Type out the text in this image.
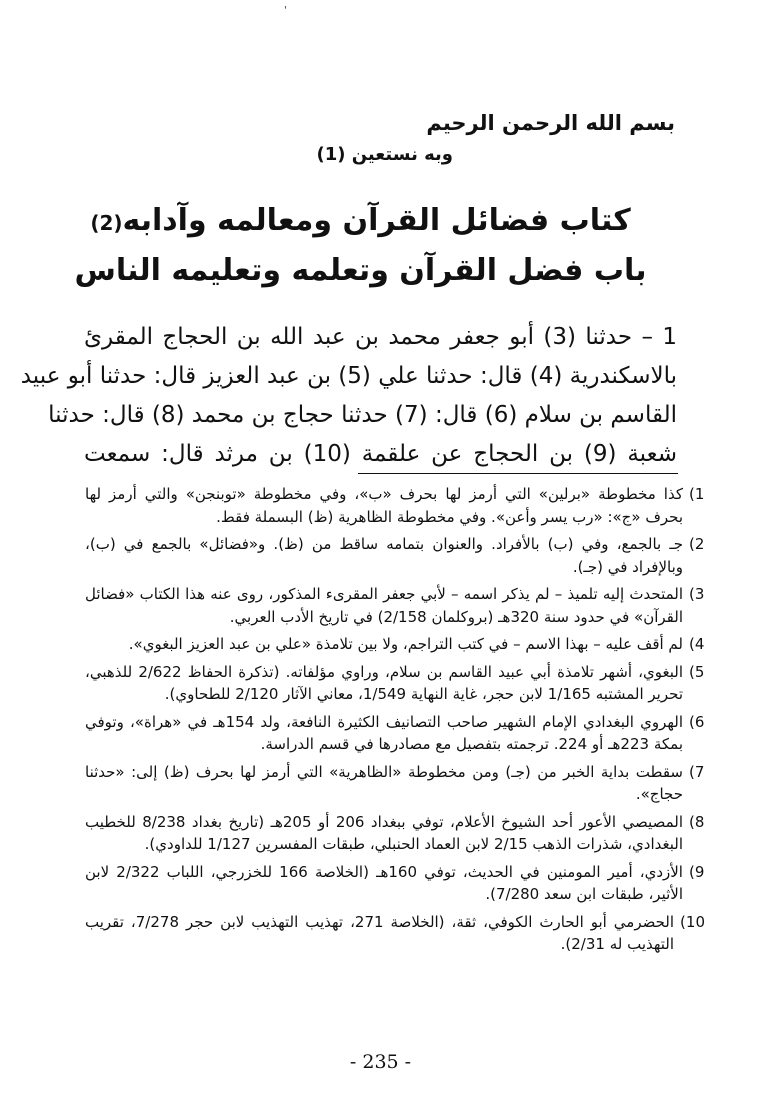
'
بسم الله الرحمن الرحيم
وبه نستعين (1)
كتاب فضائل القرآن ومعالمه وآدابه(2)
باب فضل القرآن وتعلمه وتعليمه الناس
1 – حدثنا (3) أبو جعفر محمد بن عبد الله بن الحجاج المقرئ
بالاسكندرية (4) قال: حدثنا علي (5) بن عبد العزيز قال: حدثنا أبو عبيد
القاسم بن سلام (6) قال: (7) حدثنا حجاج بن محمد (8) قال: حدثنا
شعبة (9) بن الحجاج عن علقمة (10) بن مرثد قال: سمعت
1)
كذا مخطوطة «برلين» التي أرمز لها بحرف «ب»، وفي مخطوطة «توبنجن» والتي أرمز لها بحرف «ج»: «رب يسر وأعن». وفي مخطوطة الظاهرية (ظ) البسملة فقط.
2)
جـ بالجمع، وفي (ب) بالأفراد. والعنوان بتمامه ساقط من (ظ). و«فضائل» بالجمع في (ب)، وبالإفراد في (جـ).
3)
المتحدث إليه تلميذ – لم يذكر اسمه – لأبي جعفر المقرىء المذكور، روى عنه هذا الكتاب «فضائل القرآن» في حدود سنة 320هـ (بروكلمان 2/158) في تاريخ الأدب العربي.
4)
لم أقف عليه – بهذا الاسم – في كتب التراجم، ولا بين تلامذة «علي بن عبد العزيز البغوي».
5)
البغوي، أشهر تلامذة أبي عبيد القاسم بن سلام، وراوي مؤلفاته. (تذكرة الحفاظ 2/622 للذهبي، تحرير المشتبه 1/165 لابن حجر، غاية النهاية 1/549، معاني الآثار 2/120 للطحاوي).
6)
الهروي البغدادي الإمام الشهير صاحب التصانيف الكثيرة النافعة، ولد 154هـ في «هراة»، وتوفي بمكة 223هـ أو 224. ترجمته بتفصيل مع مصادرها في قسم الدراسة.
7)
سقطت بداية الخبر من (جـ) ومن مخطوطة «الظاهرية» التي أرمز لها بحرف (ظ) إلى: «حدثنا حجاج».
8)
المصيصي الأعور أحد الشيوخ الأعلام، توفي ببغداد 206 أو 205هـ (تاريخ بغداد 8/238 للخطيب البغدادي، شذرات الذهب 2/15 لابن العماد الحنبلي، طبقات المفسرين 1/127 للداودي).
9)
الأزدي، أمير المومنين في الحديث، توفي 160هـ (الخلاصة 166 للخزرجي، اللباب 2/322 لابن الأثير، طبقات ابن سعد 7/280).
10)
الحضرمي أبو الحارث الكوفي، ثقة، (الخلاصة 271، تهذيب التهذيب لابن حجر 7/278، تقريب التهذيب له 2/31).
- 235 -
